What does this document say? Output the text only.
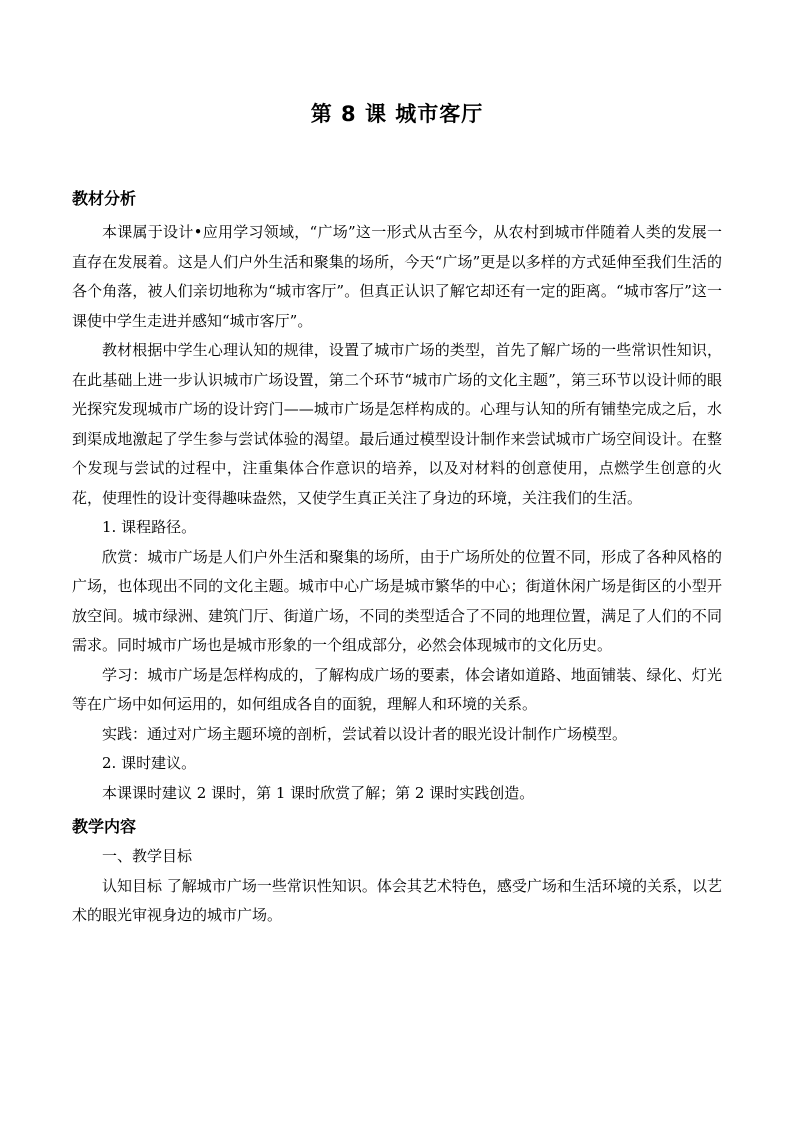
第 8 课 城市客厅

教材分析

本课属于设计•应用学习领域，“广场”这一形式从古至今，从农村到城市伴随着人类的发展一直存在发展着。这是人们户外生活和聚集的场所，今天“广场”更是以多样的方式延伸至我们生活的各个角落，被人们亲切地称为“城市客厅”。但真正认识了解它却还有一定的距离。“城市客厅”这一课使中学生走进并感知“城市客厅”。

教材根据中学生心理认知的规律，设置了城市广场的类型，首先了解广场的一些常识性知识，在此基础上进一步认识城市广场设置，第二个环节“城市广场的文化主题”，第三环节以设计师的眼光探究发现城市广场的设计窍门——城市广场是怎样构成的。心理与认知的所有铺垫完成之后，水到渠成地激起了学生参与尝试体验的渴望。最后通过模型设计制作来尝试城市广场空间设计。在整个发现与尝试的过程中，注重集体合作意识的培养，以及对材料的创意使用，点燃学生创意的火花，使理性的设计变得趣味盎然，又使学生真正关注了身边的环境，关注我们的生活。

1. 课程路径。

欣赏：城市广场是人们户外生活和聚集的场所，由于广场所处的位置不同，形成了各种风格的广场，也体现出不同的文化主题。城市中心广场是城市繁华的中心；街道休闲广场是街区的小型开放空间。城市绿洲、建筑门厅、街道广场，不同的类型适合了不同的地理位置，满足了人们的不同需求。同时城市广场也是城市形象的一个组成部分，必然会体现城市的文化历史。

学习：城市广场是怎样构成的，了解构成广场的要素，体会诸如道路、地面铺装、绿化、灯光等在广场中如何运用的，如何组成各自的面貌，理解人和环境的关系。

实践：通过对广场主题环境的剖析，尝试着以设计者的眼光设计制作广场模型。

2. 课时建议。

本课课时建议 2 课时，第 1 课时欣赏了解；第 2 课时实践创造。

教学内容

一、教学目标

认知目标 了解城市广场一些常识性知识。体会其艺术特色，感受广场和生活环境的关系，以艺术的眼光审视身边的城市广场。
